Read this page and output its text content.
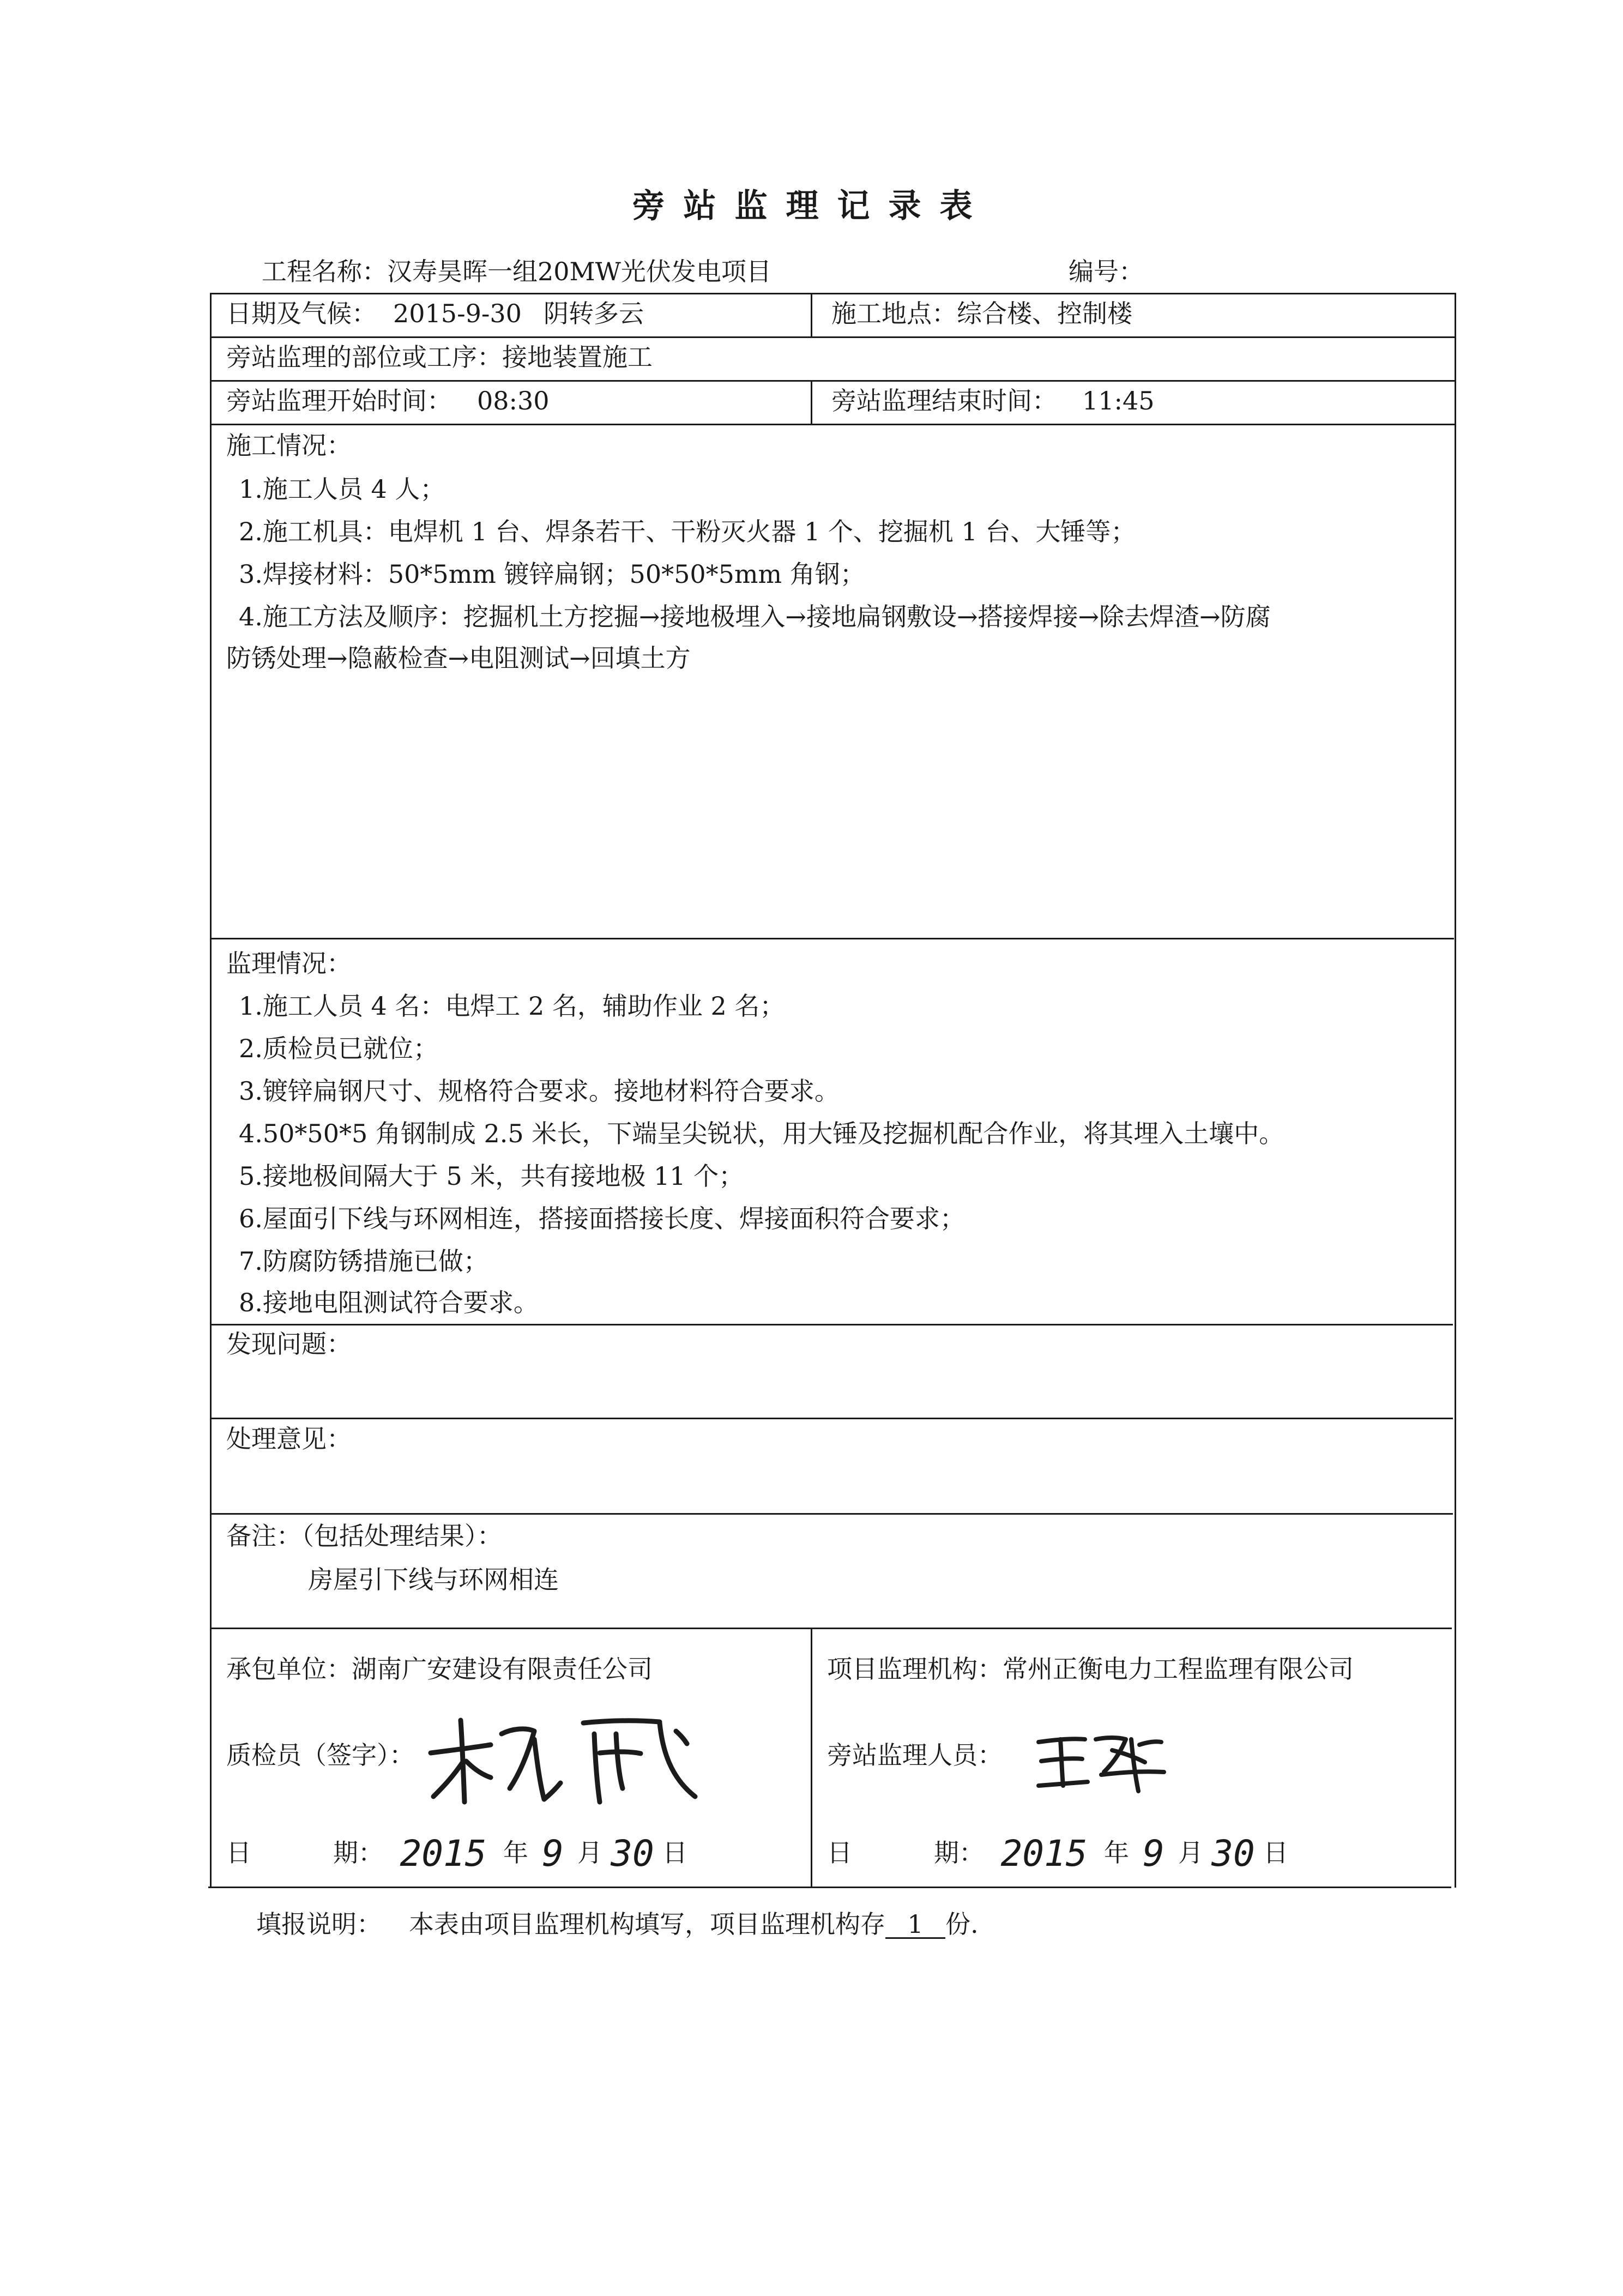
旁站监理记录表
工程名称：汉寿昊晖一组20MW光伏发电项目	编号：
日期及气候： 2015-9-30 阴转多云	施工地点：综合楼、控制楼
旁站监理的部位或工序：接地装置施工
旁站监理开始时间： 08:30	旁站监理结束时间： 11:45
施工情况：
1.施工人员 4 人；
2.施工机具：电焊机 1 台、焊条若干、干粉灭火器 1 个、挖掘机 1 台、大锤等；
3.焊接材料：50*5mm 镀锌扁钢；50*50*5mm 角钢；
4.施工方法及顺序：挖掘机土方挖掘→接地极埋入→接地扁钢敷设→搭接焊接→除去焊渣→防腐
防锈处理→隐蔽检查→电阻测试→回填土方
监理情况：
1.施工人员 4 名：电焊工 2 名，辅助作业 2 名；
2.质检员已就位；
3.镀锌扁钢尺寸、规格符合要求。接地材料符合要求。
4.50*50*5 角钢制成 2.5 米长，下端呈尖锐状，用大锤及挖掘机配合作业，将其埋入土壤中。
5.接地极间隔大于 5 米，共有接地极 11 个；
6.屋面引下线与环网相连，搭接面搭接长度、焊接面积符合要求；
7.防腐防锈措施已做；
8.接地电阻测试符合要求。
发现问题：
处理意见：
备注：（包括处理结果）：
房屋引下线与环网相连
承包单位：湖南广安建设有限责任公司
质检员（签字）：
日	期： 2015 年 9 月 30 日
项目监理机构：常州正衡电力工程监理有限公司
旁站监理人员：
日	期： 2015 年 9 月 30 日
填报说明： 本表由项目监理机构填写，项目监理机构存 1 份.
